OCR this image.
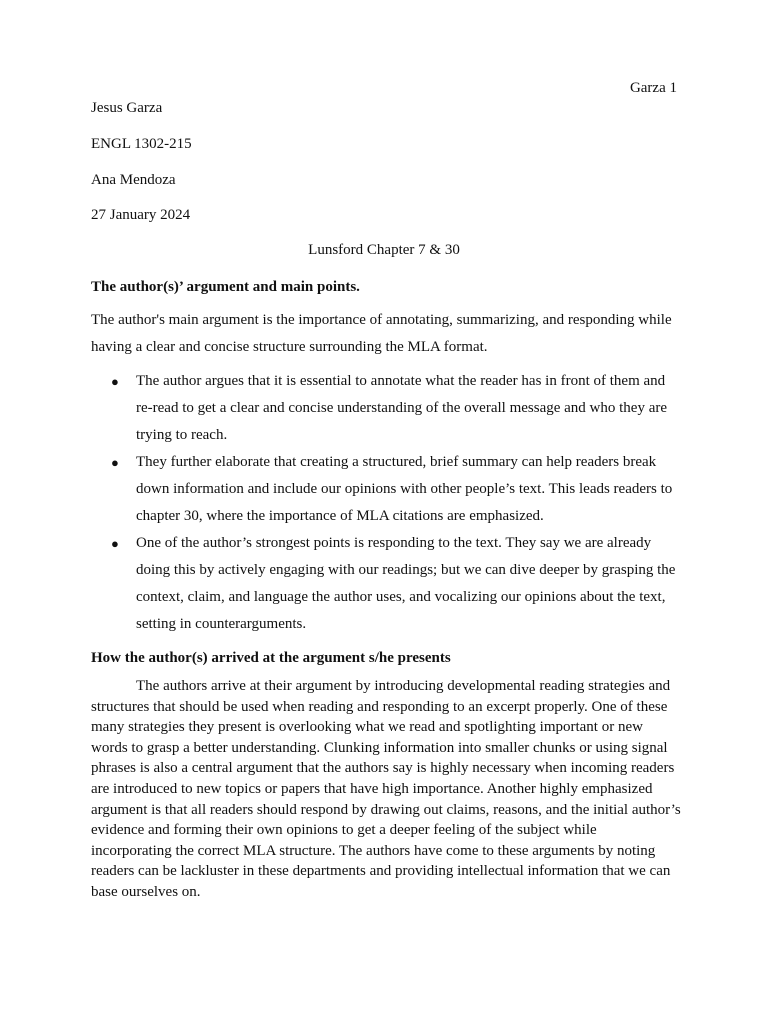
Garza 1
Jesus Garza
ENGL 1302-215
Ana Mendoza
27 January 2024
Lunsford Chapter 7 & 30
The author(s)’ argument and main points.
The author's main argument is the importance of annotating, summarizing, and responding while having a clear and concise structure surrounding the MLA format.
● The author argues that it is essential to annotate what the reader has in front of them and re-read to get a clear and concise understanding of the overall message and who they are trying to reach.
● They further elaborate that creating a structured, brief summary can help readers break down information and include our opinions with other people’s text. This leads readers to chapter 30, where the importance of MLA citations are emphasized.
● One of the author’s strongest points is responding to the text. They say we are already doing this by actively engaging with our readings; but we can dive deeper by grasping the context, claim, and language the author uses, and vocalizing our opinions about the text, setting in counterarguments.
How the author(s) arrived at the argument s/he presents

The authors arrive at their argument by introducing developmental reading strategies and structures that should be used when reading and responding to an excerpt properly. One of these many strategies they present is overlooking what we read and spotlighting important or new words to grasp a better understanding. Clunking information into smaller chunks or using signal phrases is also a central argument that the authors say is highly necessary when incoming readers are introduced to new topics or papers that have high importance. Another highly emphasized argument is that all readers should respond by drawing out claims, reasons, and the initial author’s evidence and forming their own opinions to get a deeper feeling of the subject while incorporating the correct MLA structure. The authors have come to these arguments by noting readers can be lackluster in these departments and providing intellectual information that we can base ourselves on.
